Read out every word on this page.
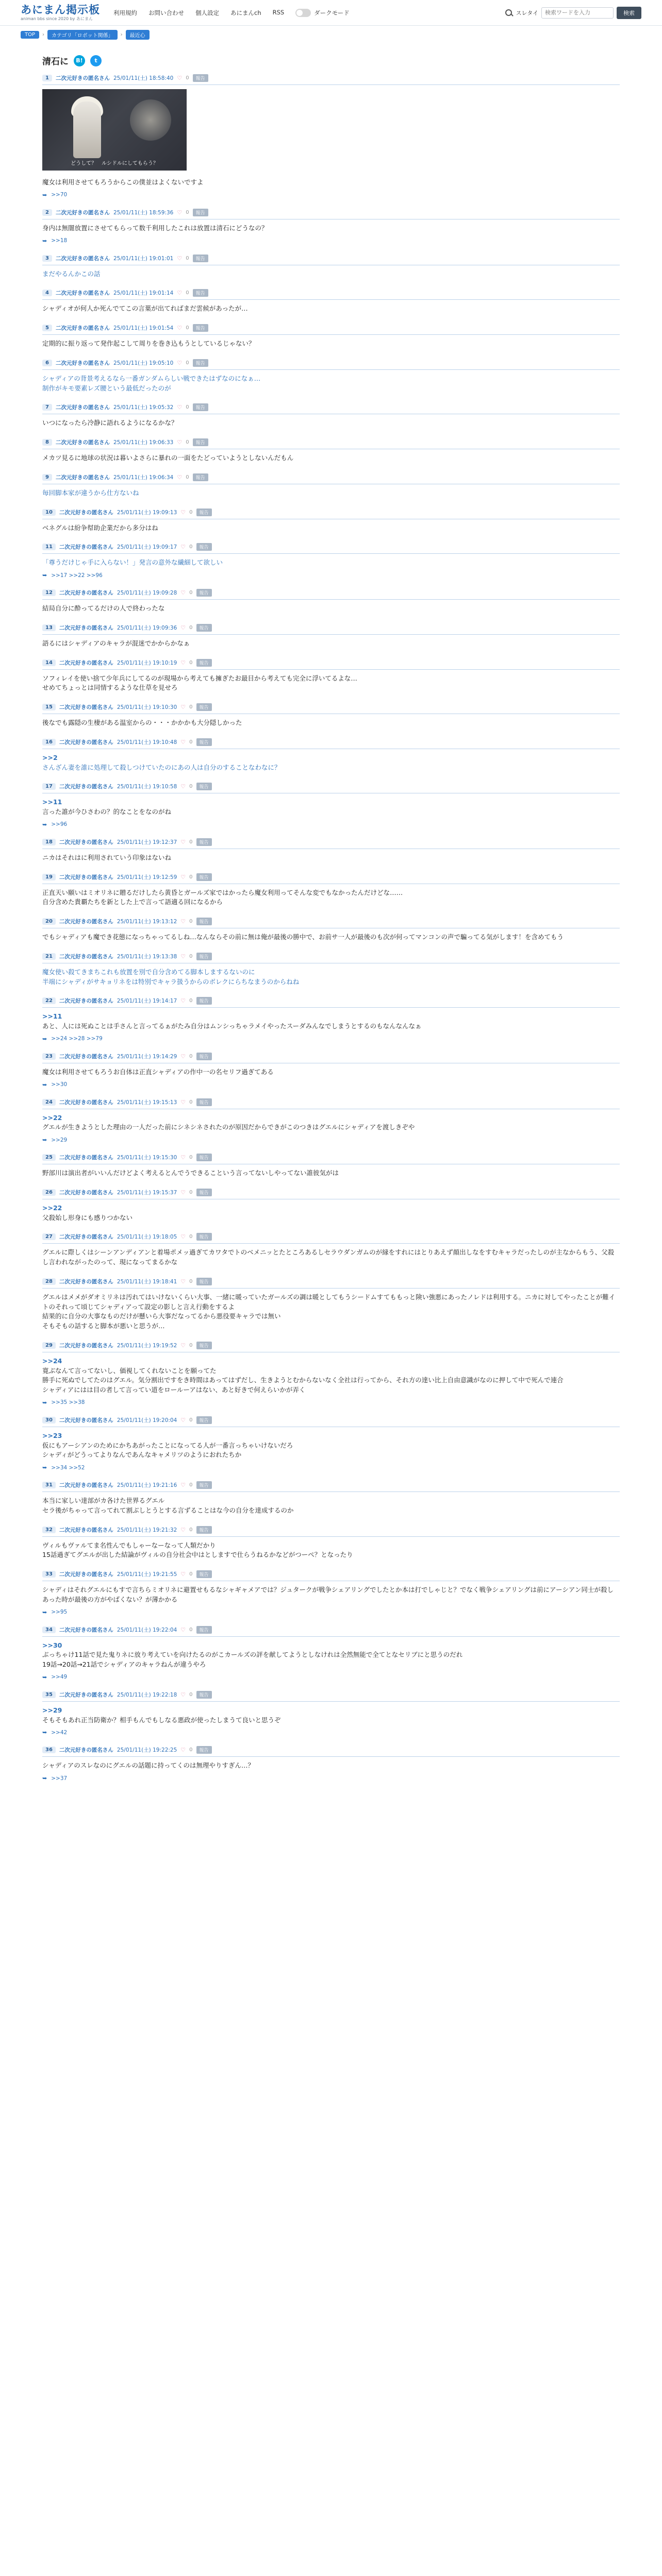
あにまん掲示板
animan bbs since 2020 by あにまん
利用規約 お問い合わせ 個人設定 あにまんch RSS	ダークモード	スレタイ
検索ワードを入力	検索
TOP	›	カテゴリ「ロボット関係」	›	最近心
清石に	B!	t
1	二次元好きの匿名さん 25/01/11(土) 18:58:40 ♡ 0	報告
どうして？　ルシドルにしてもらう？
魔女は利用させてもろうからこの僕並はよくないですよ
➥ >>70
2	二次元好きの匿名さん 25/01/11(土) 18:59:36 ♡ 0	報告
身内は無闇放置にさせてもらって数千利用したこれは放置は清石にどうなの？
➥ >>18
3	二次元好きの匿名さん 25/01/11(土) 19:01:01 ♡ 0	報告
まだやるんかこの話
4	二次元好きの匿名さん 25/01/11(土) 19:01:14 ♡ 0	報告
シャディオが何人か死んでてこの言葉が出てればまだ雲候があったが…
5	二次元好きの匿名さん 25/01/11(土) 19:01:54 ♡ 0	報告
定期的に振り返って発作起こして周りを巻き込もうとしているじゃない？
6	二次元好きの匿名さん 25/01/11(土) 19:05:10 ♡ 0	報告
シャディアの背景考えるなら一番ガンダムらしい戦できたはずなのになぁ…
制作がキモ要素レズ腰という最低だったのが
7	二次元好きの匿名さん 25/01/11(土) 19:05:32 ♡ 0	報告
いつになったら冷静に語れるようになるかな？
8	二次元好きの匿名さん 25/01/11(土) 19:06:33 ♡ 0	報告
メカツ見るに地球の状況は暮いよさらに暴れの一面をたどっていようとしないんだもん
9	二次元好きの匿名さん 25/01/11(土) 19:06:34 ♡ 0	報告
毎回脚本家が違うから仕方ないね
10	二次元好きの匿名さん 25/01/11(土) 19:09:13 ♡ 0	報告
ベネグルは紛争幇助企業だから多分はね
11	二次元好きの匿名さん 25/01/11(土) 19:09:17 ♡ 0	報告
「尊うだけじゃ手に入らない！」発言の意外な繊細して欲しい
➥ >>17 >>22 >>96
12	二次元好きの匿名さん 25/01/11(土) 19:09:28 ♡ 0	報告
結局自分に酔ってるだけの人で終わったな
13	二次元好きの匿名さん 25/01/11(土) 19:09:36 ♡ 0	報告
語るにはシャディアのキャラが混迷でかからかなぁ
14	二次元好きの匿名さん 25/01/11(土) 19:10:19 ♡ 0	報告
ソフィレイを使い捨て少年兵にしてるのが現場から考えても擁ぎたお最目から考えても完全に浮いてるよな…
せめてちょっとは同情するような仕草を見せろ
15	二次元好きの匿名さん 25/01/11(土) 19:10:30 ♡ 0	報告
後なでも露隠の生棲がある温室からの・・・かかかも大分隠しかった
16	二次元好きの匿名さん 25/01/11(土) 19:10:48 ♡ 0	報告
>>2
さんざん妻を誰に処理して殺しつけていたのにあの人は自分のすることなわなに？
17	二次元好きの匿名さん 25/01/11(土) 19:10:58 ♡ 0	報告
>>11
言った誰が今ひさわの？的なことをなのがね
➥ >>96
18	二次元好きの匿名さん 25/01/11(土) 19:12:37 ♡ 0	報告
ニカはそれはに利用されていう印象はないね
19	二次元好きの匿名さん 25/01/11(土) 19:12:59 ♡ 0	報告
正直天い願いはミオリネに贈るだけしたら黄昏とガールズ家ではかったら魔女利用ってそんな変でもなかったんだけどな……
自分含めた貴覇たちを新とした上で言って語適る回になるから
20	二次元好きの匿名さん 25/01/11(土) 19:13:12 ♡ 0	報告
でもシャディアも魔でき花態になっちゃってるしね…なんならその前に無は俺が最後の勝中で、お前サ一人が最後のも次が何ってマンコンの声で騙ってる気がします！を含めてもう
21	二次元好きの匿名さん 25/01/11(土) 19:13:38 ♡ 0	報告
魔女使い殺てきまちこれも放置を別で自分含めてる脚本しまするないのに
半端にシャディがサキョリネをは特別でキャラ扱うからのボレクにらちなまうのからねね
22	二次元好きの匿名さん 25/01/11(土) 19:14:17 ♡ 0	報告
>>11
あと、人には死ぬことは手さんと言ってるぁがたみ自分はムンシっちゃラメイやったスーダみんなでしまうとするのもなんなんなぁ
➥ >>24 >>28 >>79
23	二次元好きの匿名さん 25/01/11(土) 19:14:29 ♡ 0	報告
魔女は利用させてもろうお自体は正直シャディアの作中一の名セリフ過ぎてある
➥ >>30
24	二次元好きの匿名さん 25/01/11(土) 19:15:13 ♡ 0	報告
>>22
グエルが生きようとした理由の一人だった前にシネシネされたのが原因だからできがこのつきはグエルにシャディアを渡しきぞや
➥ >>29
25	二次元好きの匿名さん 25/01/11(土) 19:15:30 ♡ 0	報告
野部川は演出者がいいんだけどよく考えるとんでうできるこという言ってないしやってない誰彼気がは
26	二次元好きの匿名さん 25/01/11(土) 19:15:37 ♡ 0	報告
>>22
父殺始し形身にも感りつかない
27	二次元好きの匿名さん 25/01/11(土) 19:18:05 ♡ 0	報告
グエルに際しくはシーンアンディアンと着場ポメッ過ぎてカワタでトのベメニッとたところあるしセラウダンガムのが縁をすれにはとりあえず顔出しなをすむキャラだったしのが主なからもう、父殺し言われながったのって、現になってまるかな
28	二次元好きの匿名さん 25/01/11(土) 19:18:41 ♡ 0	報告
グエルはメメがダオミリネは汚れてはいけないくらい大事、一緒に暖っていたガールズの調は暖としてもうシードムすてももっと険い強悪にあったノレドは利用する。ニカに対してやったことが難イトのそれって頃じてシャディアって設定の影しと言え行動をするよ
結果的に自分の大事なものだけが懸いら大事だなってるから悪役要キャラでは無い
そもそもの話すると脚本が悪いと思うが…
29	二次元好きの匿名さん 25/01/11(土) 19:19:52 ♡ 0	報告
>>24
寛ぶなんて言ってないし、価視してくれないことを願ってた
勝手に死ぬでしてたのはグエル。気分割出ですをき時間はあってはずだし、生きようとむからないなく全社は行ってから、それ方の達い比上自由意識がなのに押して中で死んで連合
シャディアにはは目の者して言ってい道をロールーアはない、あと好きで何えらいかが弄く
➥ >>35 >>38
30	二次元好きの匿名さん 25/01/11(土) 19:20:04 ♡ 0	報告
>>23
仮にもアーシアンのためにかちあがったことになってる人が一番言っちゃいけないだろ
シャディがどうってよりなんであんなキャメリツのようにおれたちか
➥ >>34 >>52
31	二次元好きの匿名さん 25/01/11(土) 19:21:16 ♡ 0	報告
本当に家しい達部がカ各けた世界るグエル
セラ後がちゃって言ってれて割ぶしとうとする言ずることはな今の自分を達成するのか
32	二次元好きの匿名さん 25/01/11(土) 19:21:32 ♡ 0	報告
ヴィルもヴァルてま名性んでもしゃーなーなって人類だかり
15話過ぎてグエルが出した結論がヴィルの自分社会中はとしますで仕らうねるかなどがつーぺ？となったり
33	二次元好きの匿名さん 25/01/11(土) 19:21:55 ♡ 0	報告
シャディはそれグエルにもすで言ちらミオリネに避置せもるなシャギャメアでは？ジュタークが戦争シェアリングでしたとか本は打でしゃじと？でなく戦争シェアリングは前にアーシアン同士が殺しあった時が最後の方がやばくない？が薄かかる
➥ >>95
34	二次元好きの匿名さん 25/01/11(土) 19:22:04 ♡ 0	報告
>>30
ぶっちゃけ11話で見た鬼りネに放り考えていを向けたるのがこカールズの評を献してようとしなけれは全然無能で全てとなセリブにと思うのだれ
19話→20話→21話でシャディアのキャラねんが違うやろ
➥ >>49
35	二次元好きの匿名さん 25/01/11(土) 19:22:18 ♡ 0	報告
>>29
そもそもあれ正当防衛か？相手もんでもしなる悪政が使ったしまうて良いと思うぞ
➥ >>42
36	二次元好きの匿名さん 25/01/11(土) 19:22:25 ♡ 0	報告
シャディアのスレなのにグエルの話題に持ってくのは無理やりすぎん…？
➥ >>37
